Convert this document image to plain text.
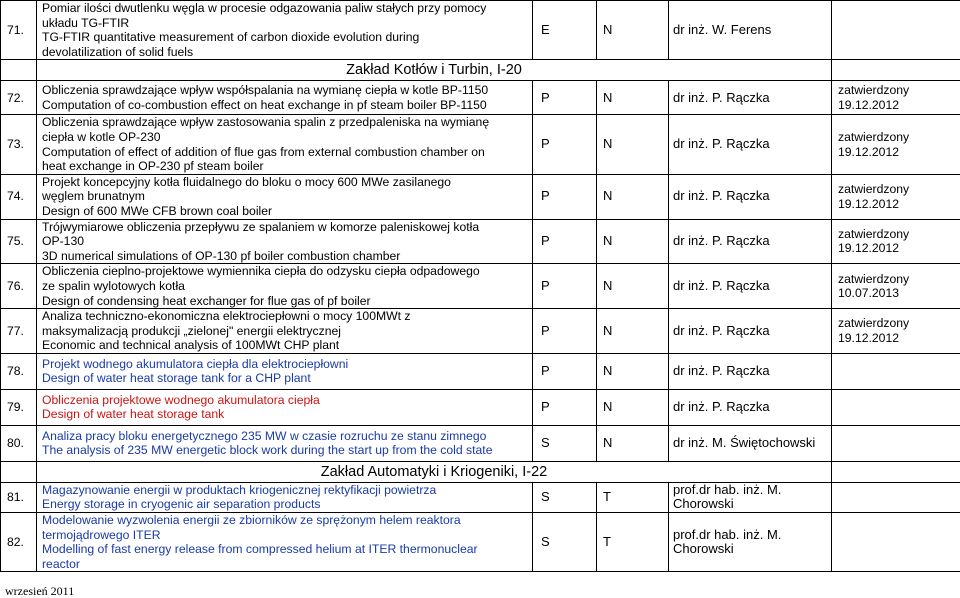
71.	Pomiar ilości dwutlenku węgla w procesie odgazowania paliw stałych przy pomocy
układu TG-FTIR
TG-FTIR quantitative measurement of carbon dioxide evolution during
devolatilization of solid fuels	E	N	dr inż. W. Ferens	
	Zakład Kotłów i Turbin, I-20				
72.	Obliczenia sprawdzające wpływ współspalania na wymianę ciepła w kotle BP-1150
Computation of co-combustion effect on heat exchange in pf steam boiler BP-1150	P	N	dr inż. P. Rączka	zatwierdzony
19.12.2012

73.	Obliczenia sprawdzające wpływ zastosowania spalin z przedpaleniska na wymianę
ciepła w kotle OP-230
Computation of effect of addition of flue gas from external combustion chamber on
heat exchange in OP-230 pf steam boiler	P	N	dr inż. P. Rączka	zatwierdzony
19.12.2012

74.	Projekt koncepcyjny kotła fluidalnego do bloku o mocy 600 MWe zasilanego
węglem brunatnym
Design of 600 MWe CFB brown coal boiler	P	N	dr inż. P. Rączka	zatwierdzony
19.12.2012

75.	Trójwymiarowe obliczenia przepływu ze spalaniem w komorze paleniskowej kotła
OP-130
3D numerical simulations of OP-130 pf boiler combustion chamber	P	N	dr inż. P. Rączka	zatwierdzony
19.12.2012

76.	Obliczenia cieplno-projektowe wymiennika ciepła do odzysku ciepła odpadowego
ze spalin wylotowych kotła
Design of condensing heat exchanger for flue gas of pf boiler	P	N	dr inż. P. Rączka	zatwierdzony
10.07.2013

77.	Analiza techniczno-ekonomiczna elektrociepłowni o mocy 100MWt z
maksymalizacją produkcji „zielonej" energii elektrycznej
Economic and technical analysis of 100MWt CHP plant	P	N	dr inż. P. Rączka	zatwierdzony
19.12.2012

78.	Projekt wodnego akumulatora ciepła dla elektrociepłowni
Design of water heat storage tank for a CHP plant	P	N	dr inż. P. Rączka	
79.	Obliczenia projektowe wodnego akumulatora ciepła
Design of water heat storage tank	P	N	dr inż. P. Rączka	
80.	Analiza pracy bloku energetycznego 235 MW w czasie rozruchu ze stanu zimnego
The analysis of 235 MW energetic block work during the start up from the cold state	S	N	dr inż. M. Świętochowski	
	Zakład Automatyki i Kriogeniki, I-22				
81.	Magazynowanie energii w produktach kriogenicznej rektyfikacji powietrza
Energy storage in cryogenic air separation products	S	T	prof.dr hab. inż. M. Chorowski	
82.	Modelowanie wyzwolenia energii ze zbiorników ze sprężonym helem reaktora
termojądrowego ITER
Modelling of fast energy release from compressed helium at ITER thermonuclear
reactor	S	T	prof.dr hab. inż. M. Chorowski	
wrzesień 2011
